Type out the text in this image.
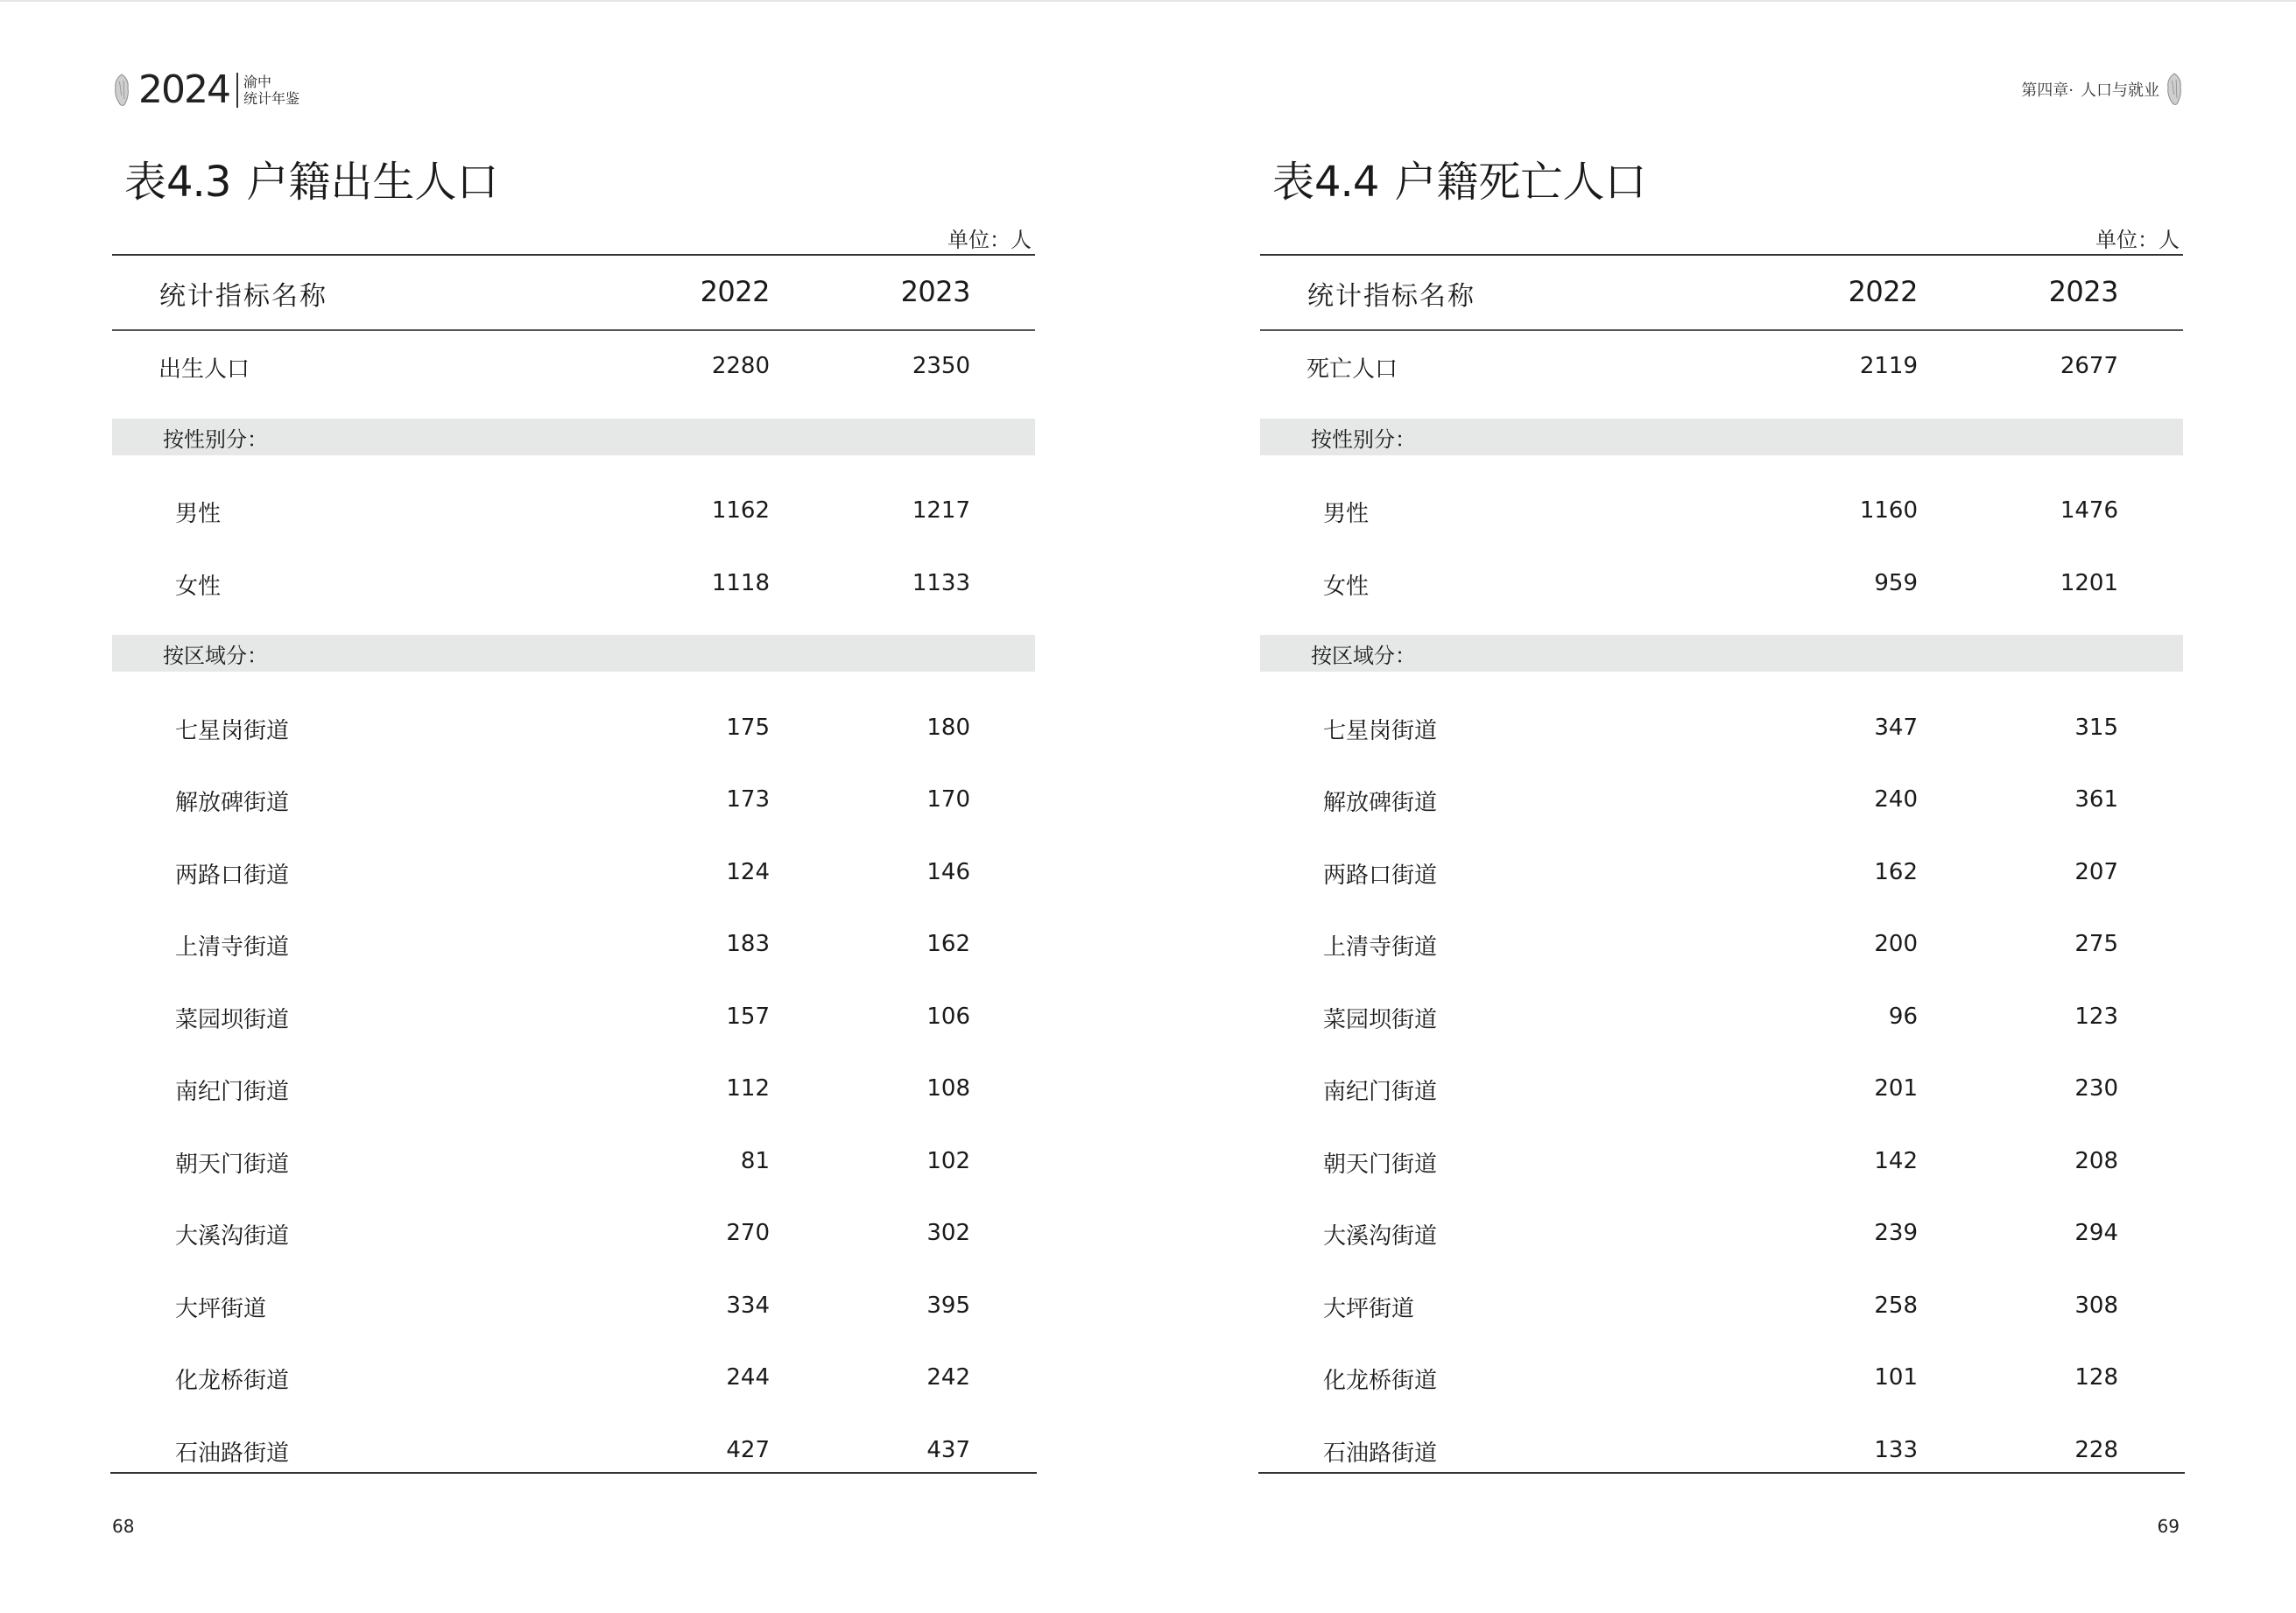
2024 渝中
统计年鉴	第四章· 人口与就业
表4.3 户籍出生人口
单位：人
统计指标名称	2022	2023
出生人口	2280	2350
按性别分：
男性	1162	1217
女性	1118	1133
按区域分：
七星岗街道	175	180
解放碑街道	173	170
两路口街道	124	146
上清寺街道	183	162
菜园坝街道	157	106
南纪门街道	112	108
朝天门街道	81	102
大溪沟街道	270	302
大坪街道	334	395
化龙桥街道	244	242
石油路街道	427	437
68
表4.4 户籍死亡人口
单位：人
统计指标名称	2022	2023
死亡人口	2119	2677
按性别分：
男性	1160	1476
女性	959	1201
按区域分：
七星岗街道	347	315
解放碑街道	240	361
两路口街道	162	207
上清寺街道	200	275
菜园坝街道	96	123
南纪门街道	201	230
朝天门街道	142	208
大溪沟街道	239	294
大坪街道	258	308
化龙桥街道	101	128
石油路街道	133	228
69
